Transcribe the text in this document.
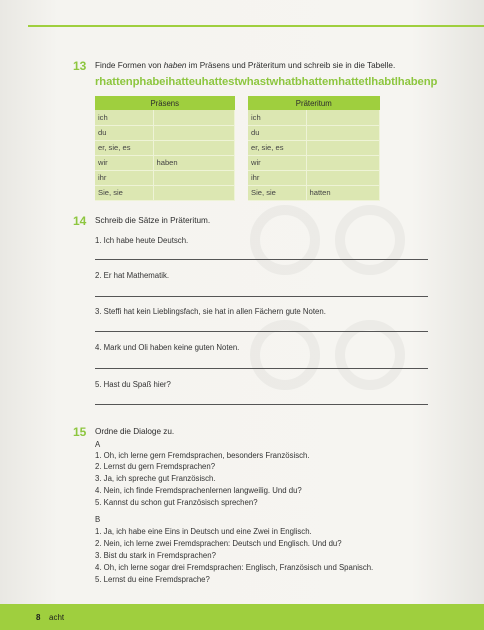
13 Finde Formen von haben im Präsens und Präteritum und schreib sie in die Tabelle.
rhattenphabeihatteuhattestwhastwhatbhattemhattetlhabtlhabenp
Präsens	
ich	
du	
er, sie, es	
wir	haben
ihr	
Sie, sie	
Präteritum	
ich	
du	
er, sie, es	
wir	
ihr	
Sie, sie	hatten
14 Schreib die Sätze in Präteritum.
1. Ich habe heute Deutsch.
2. Er hat Mathematik.
3. Steffi hat kein Lieblingsfach, sie hat in allen Fächern gute Noten.
4. Mark und Oli haben keine guten Noten.
5. Hast du Spaß hier?
15 Ordne die Dialoge zu.
A
1. Oh, ich lerne gern Fremdsprachen, besonders Französisch.
2. Lernst du gern Fremdsprachen?
3. Ja, ich spreche gut Französisch.
4. Nein, ich finde Fremdsprachenlernen langweilig. Und du?
5. Kannst du schon gut Französisch sprechen?
B
1. Ja, ich habe eine Eins in Deutsch und eine Zwei in Englisch.
2. Nein, ich lerne zwei Fremdsprachen: Deutsch und Englisch. Und du?
3. Bist du stark in Fremdsprachen?
4. Oh, ich lerne sogar drei Fremdsprachen: Englisch, Französisch und Spanisch.
5. Lernst du eine Fremdsprache?
8 acht
